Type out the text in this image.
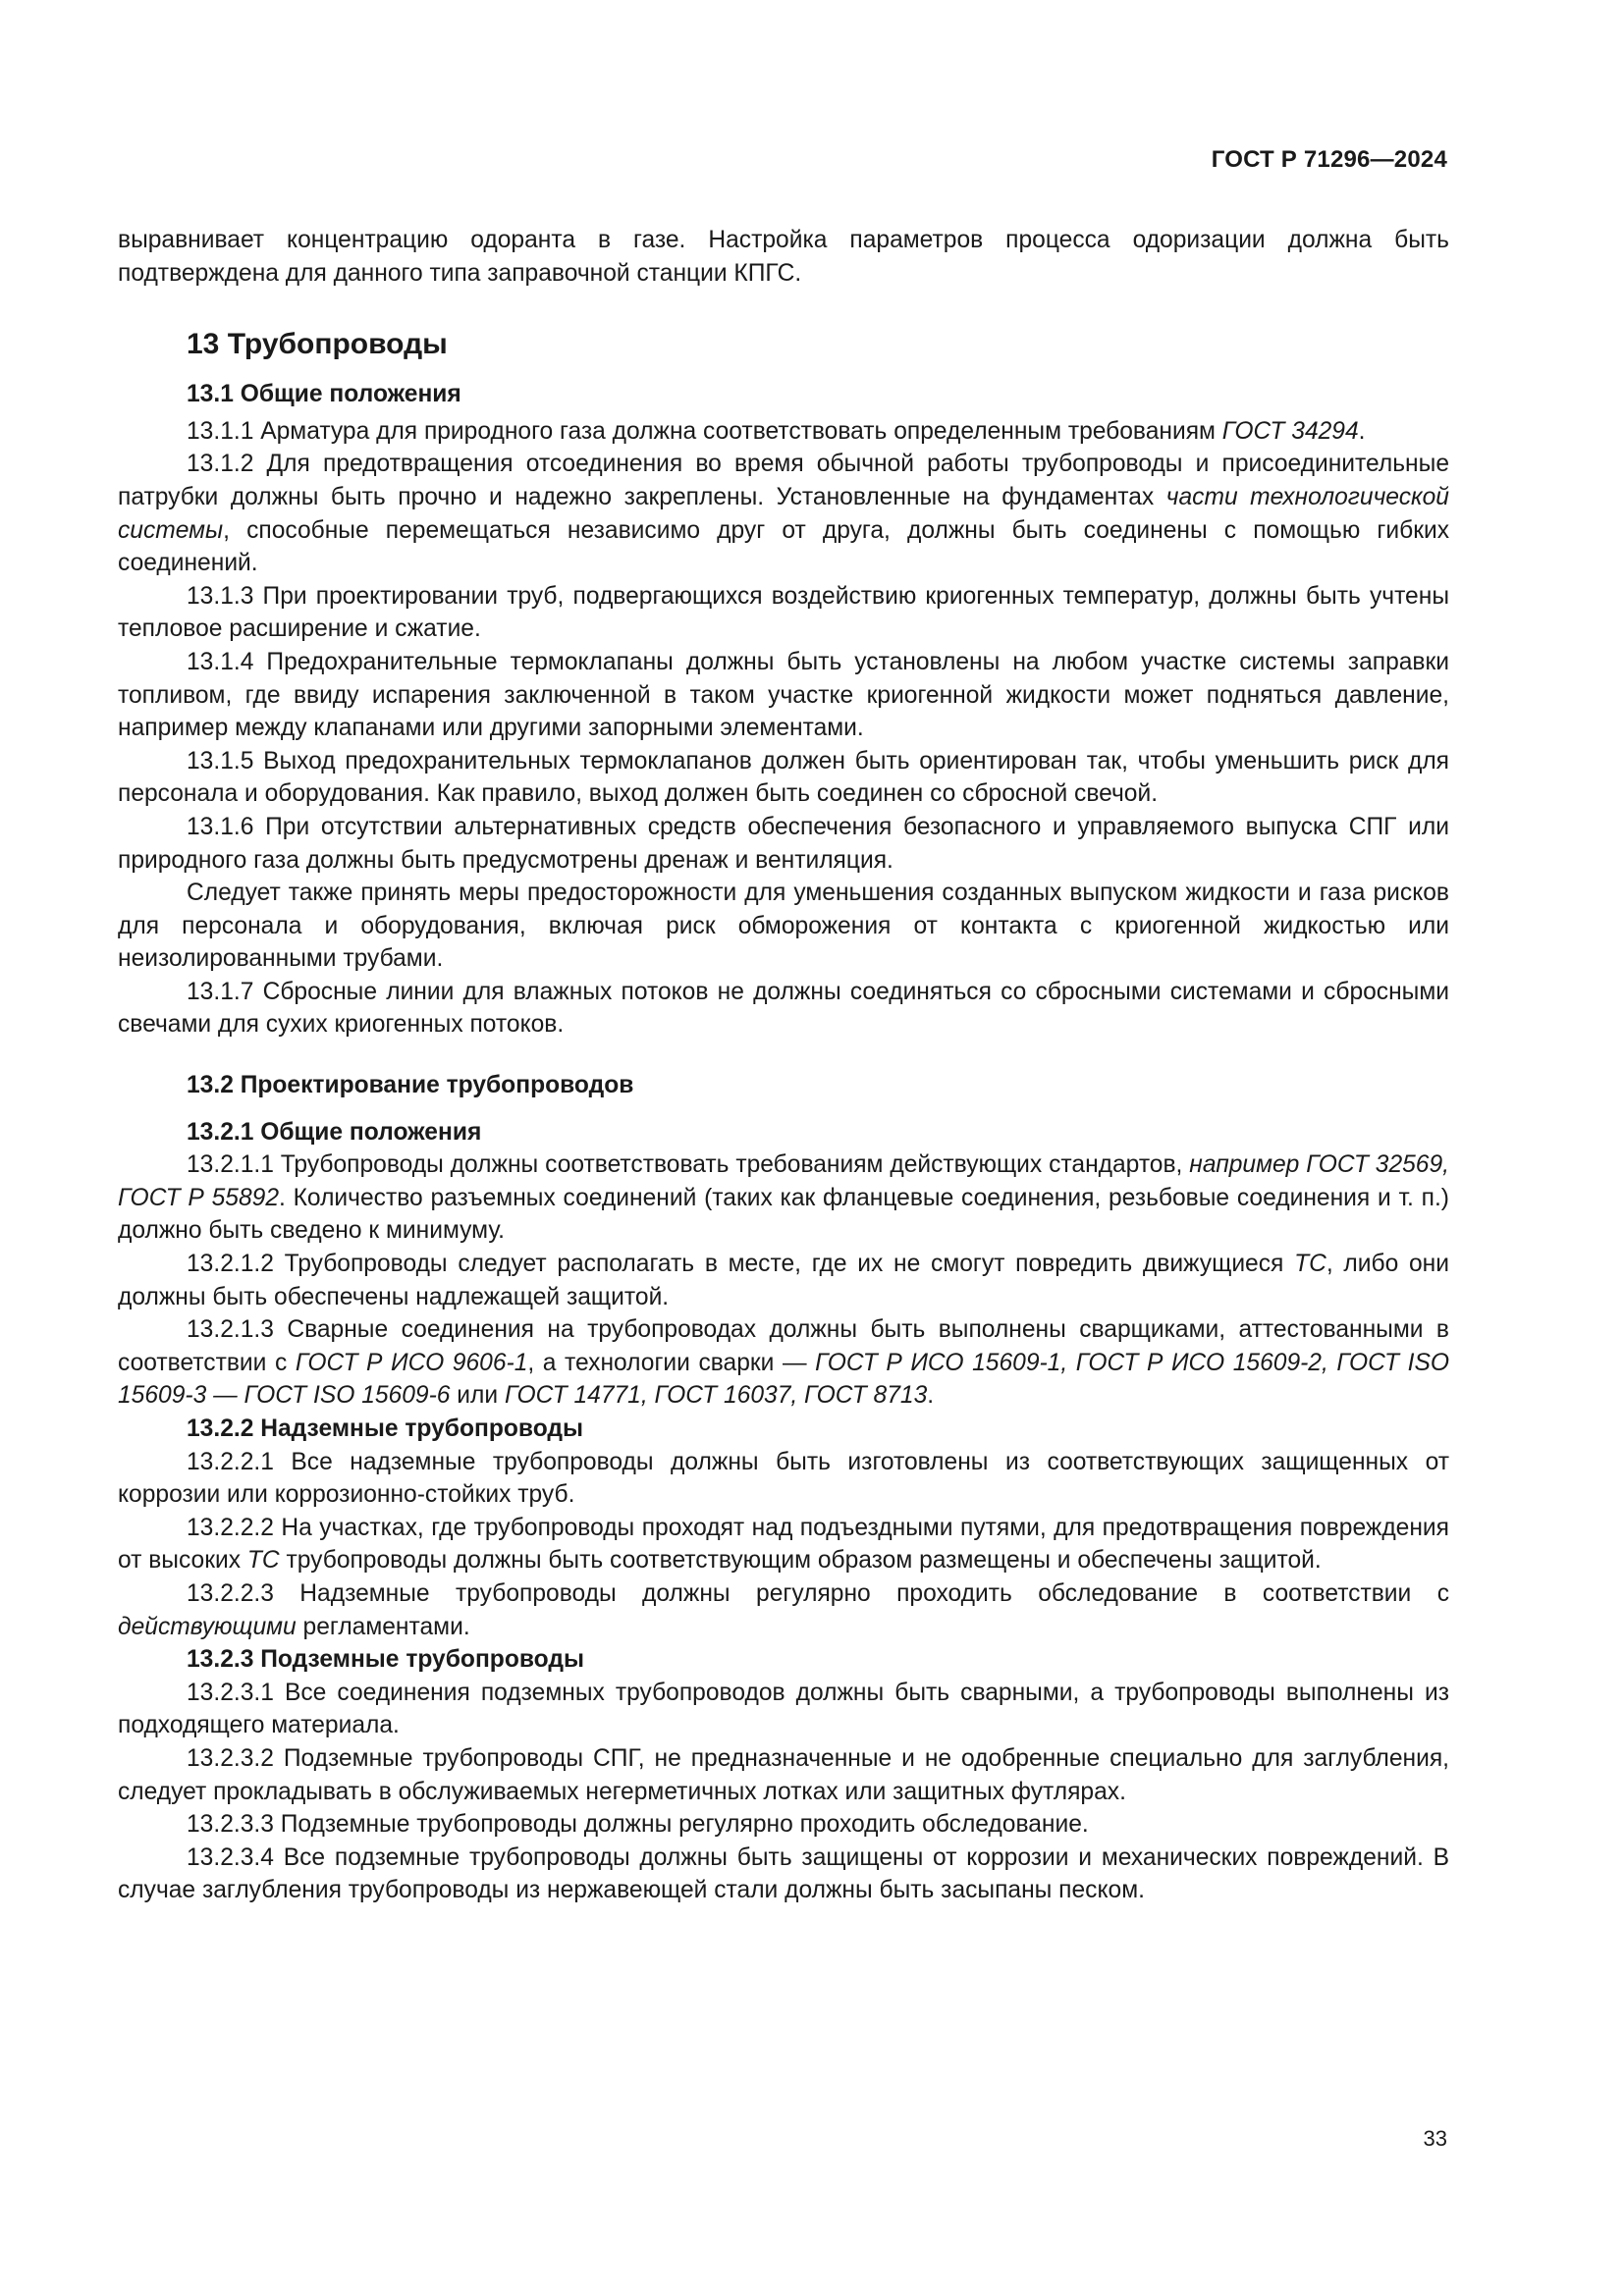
ГОСТ Р 71296—2024

выравнивает концентрацию одоранта в газе. Настройка параметров процесса одоризации должна быть подтверждена для данного типа заправочной станции КПГС.

13 Трубопроводы
13.1 Общие положения

13.1.1 Арматура для природного газа должна соответствовать определенным требованиям ГОСТ 34294.

13.1.2 Для предотвращения отсоединения во время обычной работы трубопроводы и присоединительные патрубки должны быть прочно и надежно закреплены. Установленные на фундаментах части технологической системы, способные перемещаться независимо друг от друга, должны быть соединены с помощью гибких соединений.

13.1.3 При проектировании труб, подвергающихся воздействию криогенных температур, должны быть учтены тепловое расширение и сжатие.

13.1.4 Предохранительные термоклапаны должны быть установлены на любом участке системы заправки топливом, где ввиду испарения заключенной в таком участке криогенной жидкости может подняться давление, например между клапанами или другими запорными элементами.

13.1.5 Выход предохранительных термоклапанов должен быть ориентирован так, чтобы уменьшить риск для персонала и оборудования. Как правило, выход должен быть соединен со сбросной свечой.

13.1.6 При отсутствии альтернативных средств обеспечения безопасного и управляемого выпуска СПГ или природного газа должны быть предусмотрены дренаж и вентиляция.

Следует также принять меры предосторожности для уменьшения созданных выпуском жидкости и газа рисков для персонала и оборудования, включая риск обморожения от контакта с криогенной жидкостью или неизолированными трубами.

13.1.7 Сбросные линии для влажных потоков не должны соединяться со сбросными системами и сбросными свечами для сухих криогенных потоков.

13.2 Проектирование трубопроводов
13.2.1 Общие положения

13.2.1.1 Трубопроводы должны соответствовать требованиям действующих стандартов, например ГОСТ 32569, ГОСТ Р 55892. Количество разъемных соединений (таких как фланцевые соединения, резьбовые соединения и т. п.) должно быть сведено к минимуму.

13.2.1.2 Трубопроводы следует располагать в месте, где их не смогут повредить движущиеся ТС, либо они должны быть обеспечены надлежащей защитой.

13.2.1.3 Сварные соединения на трубопроводах должны быть выполнены сварщиками, аттестованными в соответствии с ГОСТ Р ИСО 9606-1, а технологии сварки — ГОСТ Р ИСО 15609-1, ГОСТ Р ИСО 15609-2, ГОСТ ISO 15609-3 — ГОСТ ISO 15609-6 или ГОСТ 14771, ГОСТ 16037, ГОСТ 8713.

13.2.2 Надземные трубопроводы

13.2.2.1 Все надземные трубопроводы должны быть изготовлены из соответствующих защищенных от коррозии или коррозионно-стойких труб.

13.2.2.2 На участках, где трубопроводы проходят над подъездными путями, для предотвращения повреждения от высоких ТС трубопроводы должны быть соответствующим образом размещены и обеспечены защитой.

13.2.2.3 Надземные трубопроводы должны регулярно проходить обследование в соответствии с действующими регламентами.

13.2.3 Подземные трубопроводы

13.2.3.1 Все соединения подземных трубопроводов должны быть сварными, а трубопроводы выполнены из подходящего материала.

13.2.3.2 Подземные трубопроводы СПГ, не предназначенные и не одобренные специально для заглубления, следует прокладывать в обслуживаемых негерметичных лотках или защитных футлярах.

13.2.3.3 Подземные трубопроводы должны регулярно проходить обследование.

13.2.3.4 Все подземные трубопроводы должны быть защищены от коррозии и механических повреждений. В случае заглубления трубопроводы из нержавеющей стали должны быть засыпаны песком.

33
